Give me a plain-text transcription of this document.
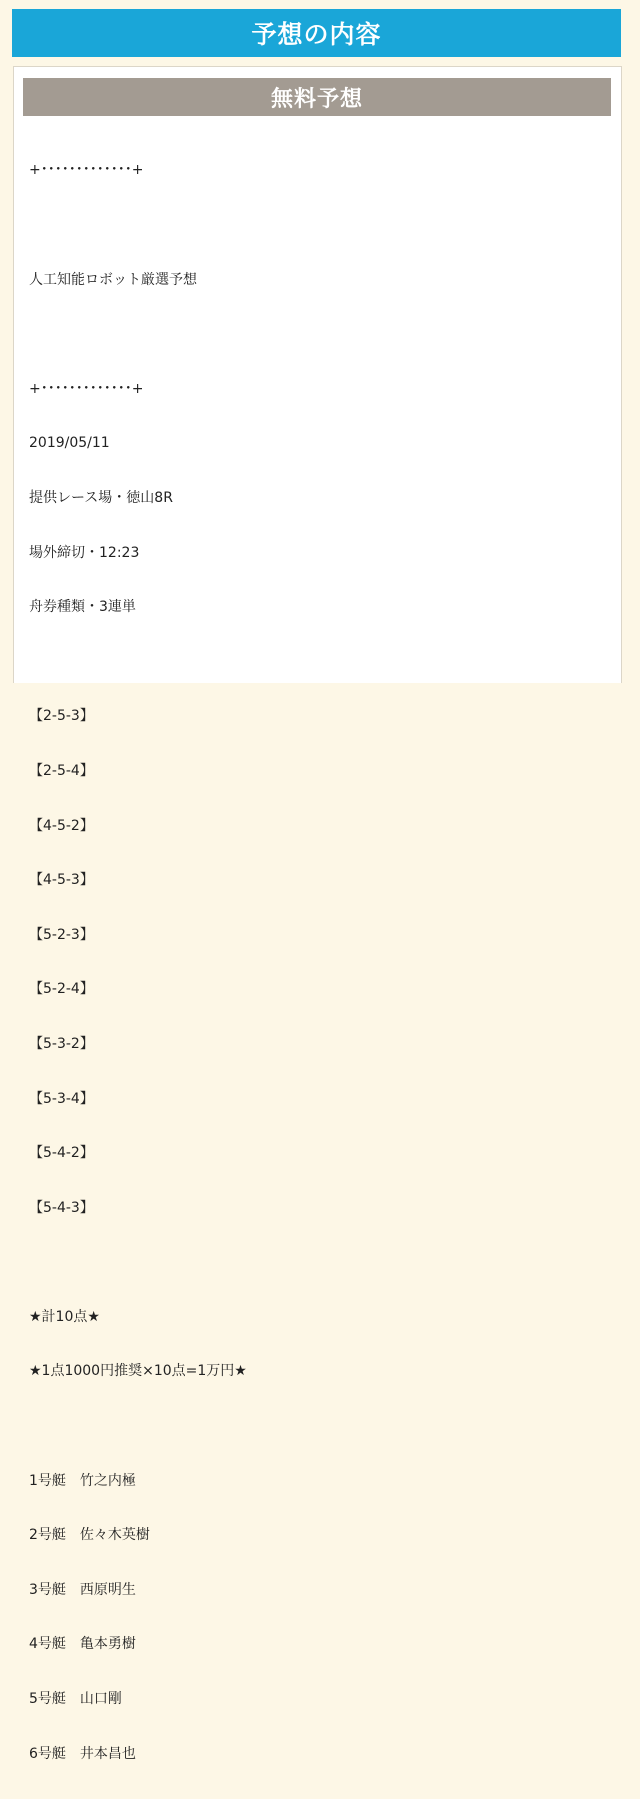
予想の内容
無料予想

+･････････････+

人工知能ロボット厳選予想

+･････････････+

2019/05/11

提供レース場・徳山8R

場外締切・12:23

舟券種類・3連単

【2-5-3】

【2-5-4】

【4-5-2】

【4-5-3】

【5-2-3】

【5-2-4】

【5-3-2】

【5-3-4】

【5-4-2】

【5-4-3】

★計10点★

★1点1000円推奨×10点=1万円★

1号艇　竹之内極

2号艇　佐々木英樹

3号艇　西原明生

4号艇　亀本勇樹

5号艇　山口剛

6号艇　井本昌也
